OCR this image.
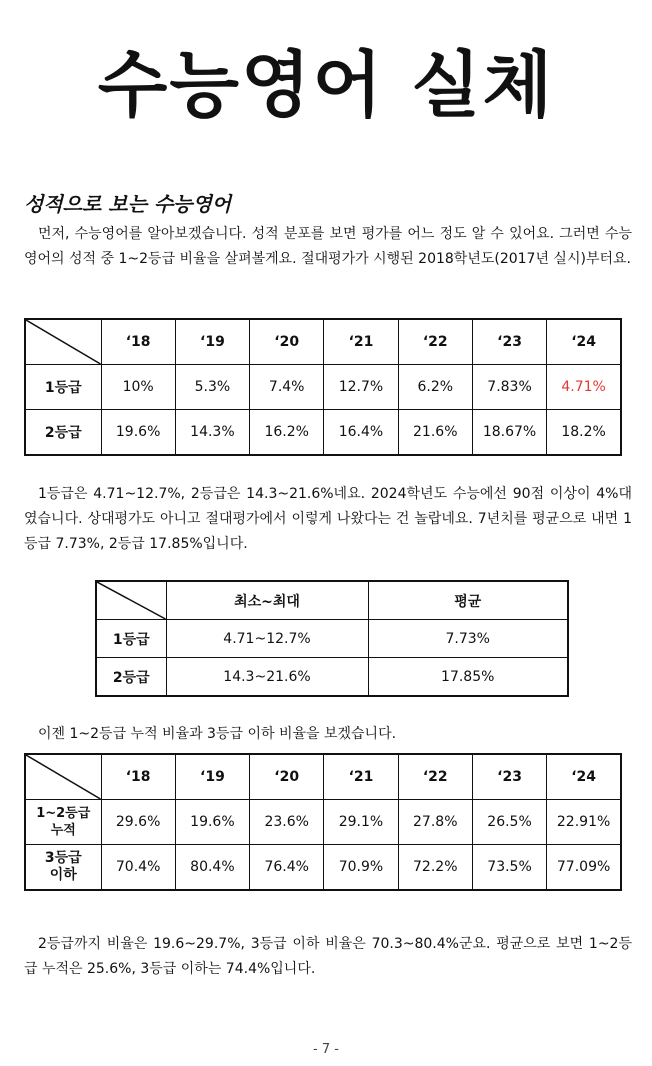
수능영어 실체
성적으로 보는 수능영어
먼저, 수능영어를 알아보겠습니다. 성적 분포를 보면 평가를 어느 정도 알 수 있어요. 그러면 수능영어의 성적 중 1~2등급 비율을 살펴볼게요. 절대평가가 시행된 2018학년도(2017년 실시)부터요.
	‘18	‘19	‘20	‘21	‘22	‘23	‘24
1등급	10%	5.3%	7.4%	12.7%	6.2%	7.83%	4.71%
2등급	19.6%	14.3%	16.2%	16.4%	21.6%	18.67%	18.2%
1등급은 4.71~12.7%, 2등급은 14.3~21.6%네요. 2024학년도 수능에선 90점 이상이 4%대였습니다. 상대평가도 아니고 절대평가에서 이렇게 나왔다는 건 놀랍네요. 7년치를 평균으로 내면 1등급 7.73%, 2등급 17.85%입니다.
	최소~최대	평균
1등급	4.71~12.7%	7.73%
2등급	14.3~21.6%	17.85%
이젠 1~2등급 누적 비율과 3등급 이하 비율을 보겠습니다.
	‘18	‘19	‘20	‘21	‘22	‘23	‘24

1~2등급
누적	29.6%	19.6%	23.6%	29.1%	27.8%	26.5%	22.91%

3등급
이하	70.4%	80.4%	76.4%	70.9%	72.2%	73.5%	77.09%
2등급까지 비율은 19.6~29.7%, 3등급 이하 비율은 70.3~80.4%군요. 평균으로 보면 1~2등급 누적은 25.6%, 3등급 이하는 74.4%입니다.
- 7 -
